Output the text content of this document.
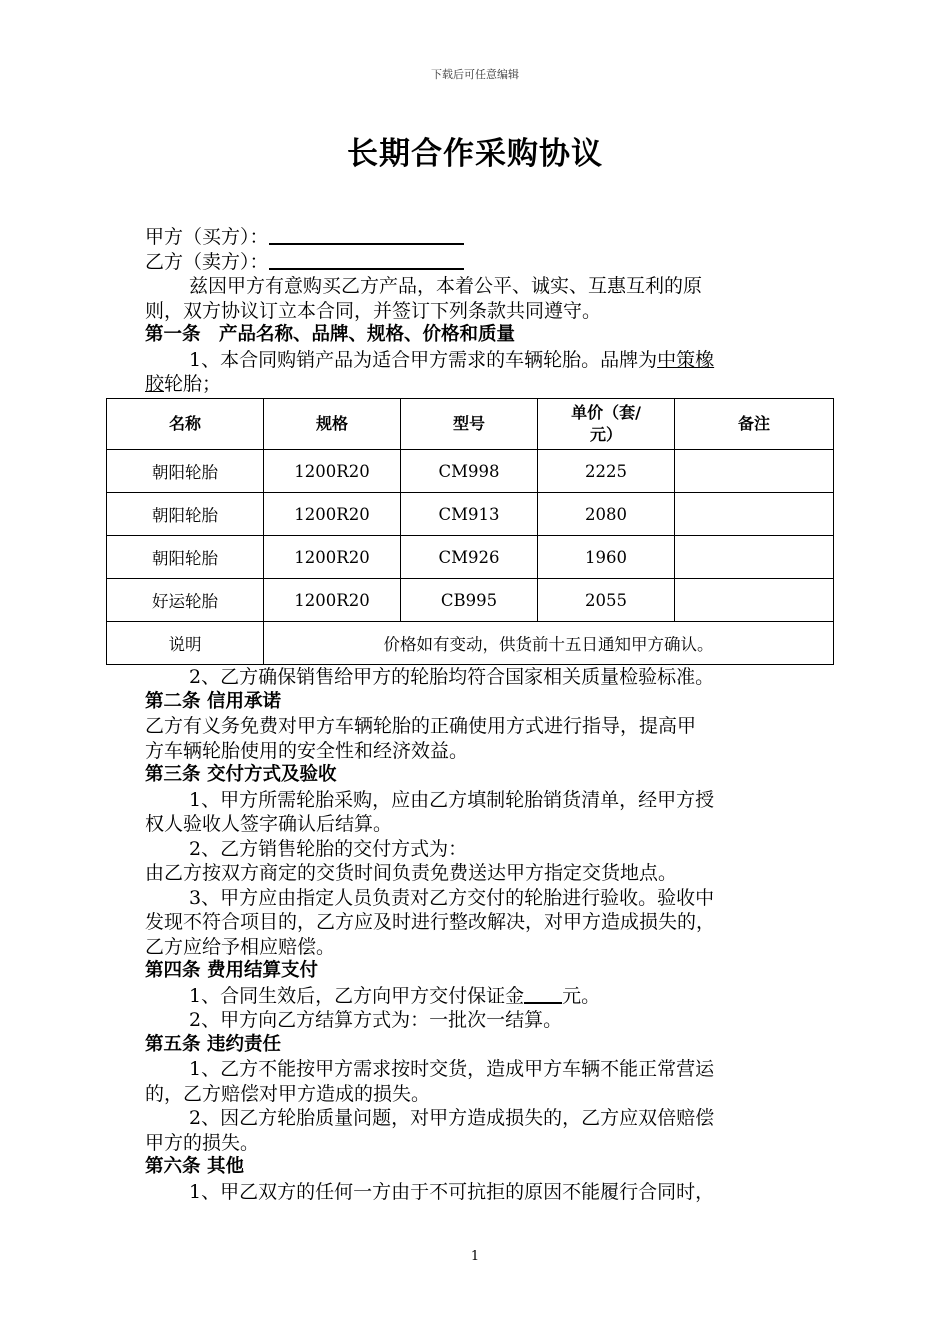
下载后可任意编辑
长期合作采购协议
甲方（买方）：
乙方（卖方）：
兹因甲方有意购买乙方产品，本着公平、诚实、互惠互利的原
则，双方协议订立本合同，并签订下列条款共同遵守。
第一条　产品名称、品牌、规格、价格和质量
1、本合同购销产品为适合甲方需求的车辆轮胎。品牌为中策橡
胶轮胎；
名称	规格	型号	单价（套/
元）	备注
朝阳轮胎	1200R20	CM998	2225	
朝阳轮胎	1200R20	CM913	2080	
朝阳轮胎	1200R20	CM926	1960	
好运轮胎	1200R20	CB995	2055	
说明	价格如有变动，供货前十五日通知甲方确认。			
2、乙方确保销售给甲方的轮胎均符合国家相关质量检验标准。
第二条 信用承诺
乙方有义务免费对甲方车辆轮胎的正确使用方式进行指导，提高甲
方车辆轮胎使用的安全性和经济效益。
第三条 交付方式及验收
1、甲方所需轮胎采购，应由乙方填制轮胎销货清单，经甲方授
权人验收人签字确认后结算。
2、乙方销售轮胎的交付方式为：
由乙方按双方商定的交货时间负责免费送达甲方指定交货地点。
3、甲方应由指定人员负责对乙方交付的轮胎进行验收。验收中
发现不符合项目的，乙方应及时进行整改解决，对甲方造成损失的，
乙方应给予相应赔偿。
第四条 费用结算支付
1、合同生效后，乙方向甲方交付保证金 元。
2、甲方向乙方结算方式为：一批次一结算。
第五条 违约责任
1、乙方不能按甲方需求按时交货，造成甲方车辆不能正常营运
的，乙方赔偿对甲方造成的损失。
2、因乙方轮胎质量问题，对甲方造成损失的，乙方应双倍赔偿
甲方的损失。
第六条 其他
1、甲乙双方的任何一方由于不可抗拒的原因不能履行合同时，
1
